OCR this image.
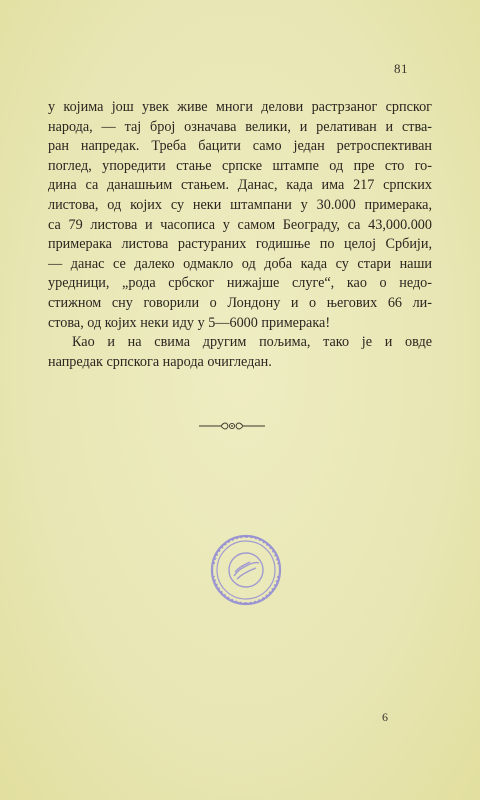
81
у којима још увек живе многи делови растрзаног српског
народа, — тај број означава велики, и релативан и ства-
ран напредак. Треба бацити само један ретроспективан
поглед, упоредити стање српске штампе од пре сто го-
дина са данашњим стањем. Данас, када има 217 српских
листова, од којих су неки штампани у 30.000 примерака,
са 79 листова и часописа у самом Београду, са 43,000.000
примерака листова растураних годишње по целој Србији,
— данас се далеко одмакло од доба када су стари наши
уредници, „рода србског нижајше слуге“, као о недо-
стижном сну говорили о Лондону и о његових 66 ли-
стова, од којих неки иду у 5—6000 примерака!
Као и на свима другим пољима, тако је и овде
напредак српскога народа очигледан.
6
